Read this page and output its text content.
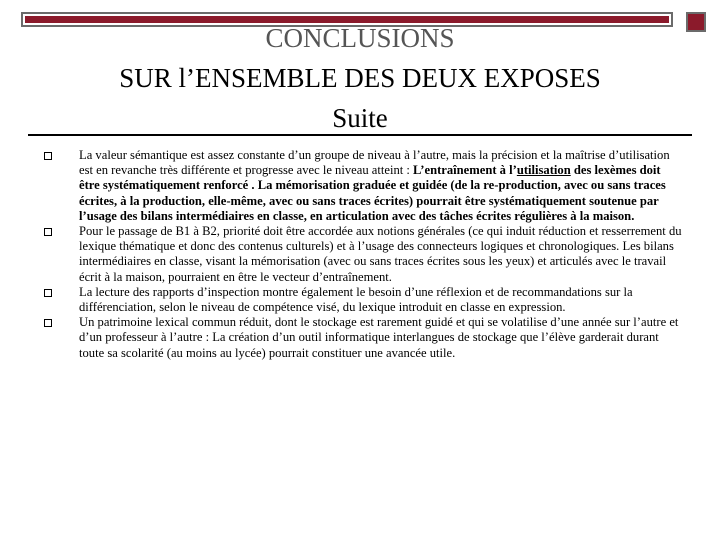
CONCLUSIONS
SUR l’ENSEMBLE DES DEUX EXPOSES
Suite
La valeur sémantique est assez constante d’un groupe de niveau à l’autre, mais la précision et la maîtrise d’utilisation est en revanche très différente et progresse avec le niveau atteint : L’entraînement à l’utilisation des lexèmes doit être systématiquement renforcé . La mémorisation graduée et guidée (de la re-production, avec ou sans traces écrites, à la production, elle-même, avec ou sans traces écrites) pourrait être systématiquement soutenue par l’usage des bilans intermédiaires en classe, en articulation avec des tâches écrites régulières à la maison.
Pour le passage de B1 à B2, priorité doit être accordée aux notions générales (ce qui induit réduction et resserrement du lexique thématique et donc des contenus culturels) et à l’usage des connecteurs logiques et chronologiques. Les bilans intermédiaires en classe, visant la mémorisation (avec ou sans traces écrites sous les yeux) et articulés avec le travail écrit à la maison, pourraient en être le vecteur d’entraînement.
La lecture des rapports d’inspection montre également le besoin d’une réflexion et de recommandations sur la différenciation, selon le niveau de compétence visé, du lexique introduit en classe en expression.
Un patrimoine lexical commun réduit, dont le stockage est rarement guidé et qui se volatilise d’une année sur l’autre et d’un professeur à l’autre : La création d’un outil informatique interlangues de stockage que l’élève garderait durant toute sa scolarité (au moins au lycée) pourrait constituer une avancée utile.
